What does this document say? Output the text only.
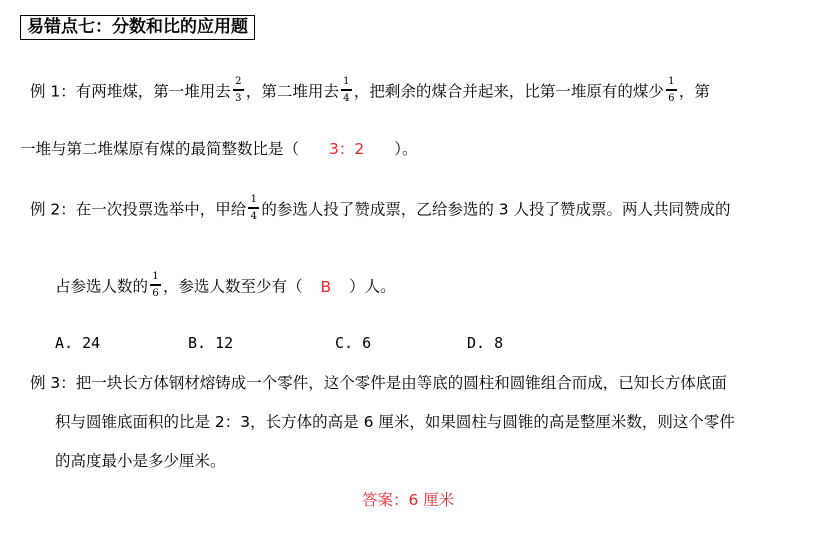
易错点七：分数和比的应用题
例 1：有两堆煤，第一堆用去 $\frac{2}{3}$ ，第二堆用去 $\frac{1}{4}$ ，把剩余的煤合并起来，比第一堆原有的煤少 $\frac{1}{6}$ ，第
一堆与第二堆煤原有煤的最简整数比是（ 3：2 ）。
例 2：在一次投票选举中，甲给 $\frac{1}{4}$ 的参选人投了赞成票，乙给参选的 3 人投了赞成票。两人共同赞成的
占参选人数的 $\frac{1}{6}$ ，参选人数至少有（ B ）人。
A. 24	B. 12	C. 6	D. 8
例 3：把一块长方体钢材熔铸成一个零件，这个零件是由等底的圆柱和圆锥组合而成，已知长方体底面
积与圆锥底面积的比是 2：3，长方体的高是 6 厘米，如果圆柱与圆锥的高是整厘米数，则这个零件
的高度最小是多少厘米。
答案：6 厘米
